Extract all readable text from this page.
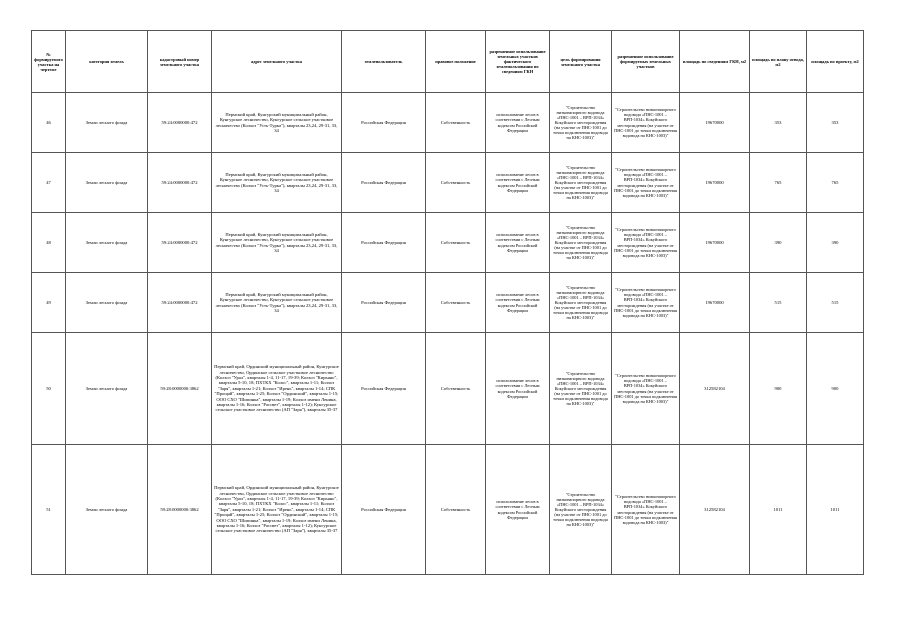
№ формируемого участка на чертеже	категория земель	кадастровый номер земельного участка	адрес земельного участка	землепользователь	правовое положение	разрешенное использование земельных участков фактического землепользования по сведениям ГКН	цель формирования земельного участка	разрешенное использование формируемых земельных участков	площадь по сведениям ГКН, м2	площадь по плану отвода, м2	площадь по проекту, м2
46	Земли лесного фонда	59:24:0000000:472	Пермский край, Кунгурский муниципальный район, Кунгурское лесничество, Кунгурское сельское участковое лесничество (Колхоз "Усть-Турка"), кварталы 23,24, 29-31, 33, 34	Российская Федерация	Собственность	использование лесов в соответствии с Лесным кодексом Российской Федерации	"Строительство низконапорного водовода «ПНС-1001 – ВРП-1034» Кокуйского месторождения (на участке от ПНС-1001 до точки подключения водовода на КНС-1003)"	"Строительство низконапорного водовода «ПНС-1001 – ВРП-1034» Кокуйского месторождения (на участке от ПНС-1001 до точки подключения водовода на КНС-1003)"	19670000	353	353
47	Земли лесного фонда	59:24:0000000:472	Пермский край, Кунгурский муниципальный район, Кунгурское лесничество, Кунгурское сельское участковое лесничество (Колхоз "Усть-Турка"), кварталы 23,24, 29-31, 33, 34	Российская Федерация	Собственность	использование лесов в соответствии с Лесным кодексом Российской Федерации	"Строительство низконапорного водовода «ПНС-1001 – ВРП-1034» Кокуйского месторождения (на участке от ПНС-1001 до точки подключения водовода на КНС-1003)"	"Строительство низконапорного водовода «ПНС-1001 – ВРП-1034» Кокуйского месторождения (на участке от ПНС-1001 до точки подключения водовода на КНС-1003)"	19670000	765	765
48	Земли лесного фонда	59:24:0000000:472	Пермский край, Кунгурский муниципальный район, Кунгурское лесничество, Кунгурское сельское участковое лесничество (Колхоз "Усть-Турка"), кварталы 23,24, 29-31, 33, 34	Российская Федерация	Собственность	использование лесов в соответствии с Лесным кодексом Российской Федерации	"Строительство низконапорного водовода «ПНС-1001 – ВРП-1034» Кокуйского месторождения (на участке от ПНС-1001 до точки подключения водовода на КНС-1003)"	"Строительство низконапорного водовода «ПНС-1001 – ВРП-1034» Кокуйского месторождения (на участке от ПНС-1001 до точки подключения водовода на КНС-1003)"	19670000	390	390
49	Земли лесного фонда	59:24:0000000:472	Пермский край, Кунгурский муниципальный район, Кунгурское лесничество, Кунгурское сельское участковое лесничество (Колхоз "Усть-Турка"), кварталы 23,24, 29-31, 33, 34	Российская Федерация	Собственность	использование лесов в соответствии с Лесным кодексом Российской Федерации	"Строительство низконапорного водовода «ПНС-1001 – ВРП-1034» Кокуйского месторождения (на участке от ПНС-1001 до точки подключения водовода на КНС-1003)"	"Строительство низконапорного водовода «ПНС-1001 – ВРП-1034» Кокуйского месторождения (на участке от ПНС-1001 до точки подключения водовода на КНС-1003)"	19670000	515	515
50	Земли лесного фонда	59:28:0000000:3862	Пермский край, Ординский муниципальный район, Кунгурское лесничество, Ординское сельское участковое лесничество (Колхоз "Урал", кварталы 1-4, 11-17, 19-39; Колхоз "Кирьяно", кварталы 5-10, 18; ПХТКХ "Колос", кварталы 1-11; Колхоз "Заря", кварталы 1-21; Колхоз "Ирень", кварталы 1-14; СПК "Прощай", кварталы 1-25; Колхоз "Ординский", кварталы 1-15; ООО СХО "Шипинка", кварталы 1-19; Колхоз имени Ленина, кварталы 1-16; Колхоз "Рассвет", кварталы 1-12); Кунгурское сельское участковое лесничество (АП "Заря"), кварталы 35-37	Российская Федерация	Собственность	использование лесов в соответствии с Лесным кодексом Российской Федерации	"Строительство низконапорного водовода «ПНС-1001 – ВРП-1034» Кокуйского месторождения (на участке от ПНС-1001 до точки подключения водовода на КНС-1003)"	"Строительство низконапорного водовода «ПНС-1001 – ВРП-1034» Кокуйского месторождения (на участке от ПНС-1001 до точки подключения водовода на КНС-1003)"	312582104	900	900
51	Земли лесного фонда	59:28:0000000:3862	Пермский край, Ординский муниципальный район, Кунгурское лесничество, Ординское сельское участковое лесничество (Колхоз "Урал", кварталы 1-4, 11-17, 19-39; Колхоз "Кирьяно", кварталы 5-10, 18; ПХТКХ "Колос", кварталы 1-11; Колхоз "Заря", кварталы 1-21; Колхоз "Ирень", кварталы 1-14; СПК "Прощай", кварталы 1-25; Колхоз "Ординский", кварталы 1-15; ООО СХО "Шипинка", кварталы 1-19; Колхоз имени Ленина, кварталы 1-16; Колхоз "Рассвет", кварталы 1-12); Кунгурское сельское участковое лесничество (АП "Заря"), кварталы 35-37	Российская Федерация	Собственность	использование лесов в соответствии с Лесным кодексом Российской Федерации	"Строительство низконапорного водовода «ПНС-1001 – ВРП-1034» Кокуйского месторождения (на участке от ПНС-1001 до точки подключения водовода на КНС-1003)"	"Строительство низконапорного водовода «ПНС-1001 – ВРП-1034» Кокуйского месторождения (на участке от ПНС-1001 до точки подключения водовода на КНС-1003)"	312582104	1011	1011
